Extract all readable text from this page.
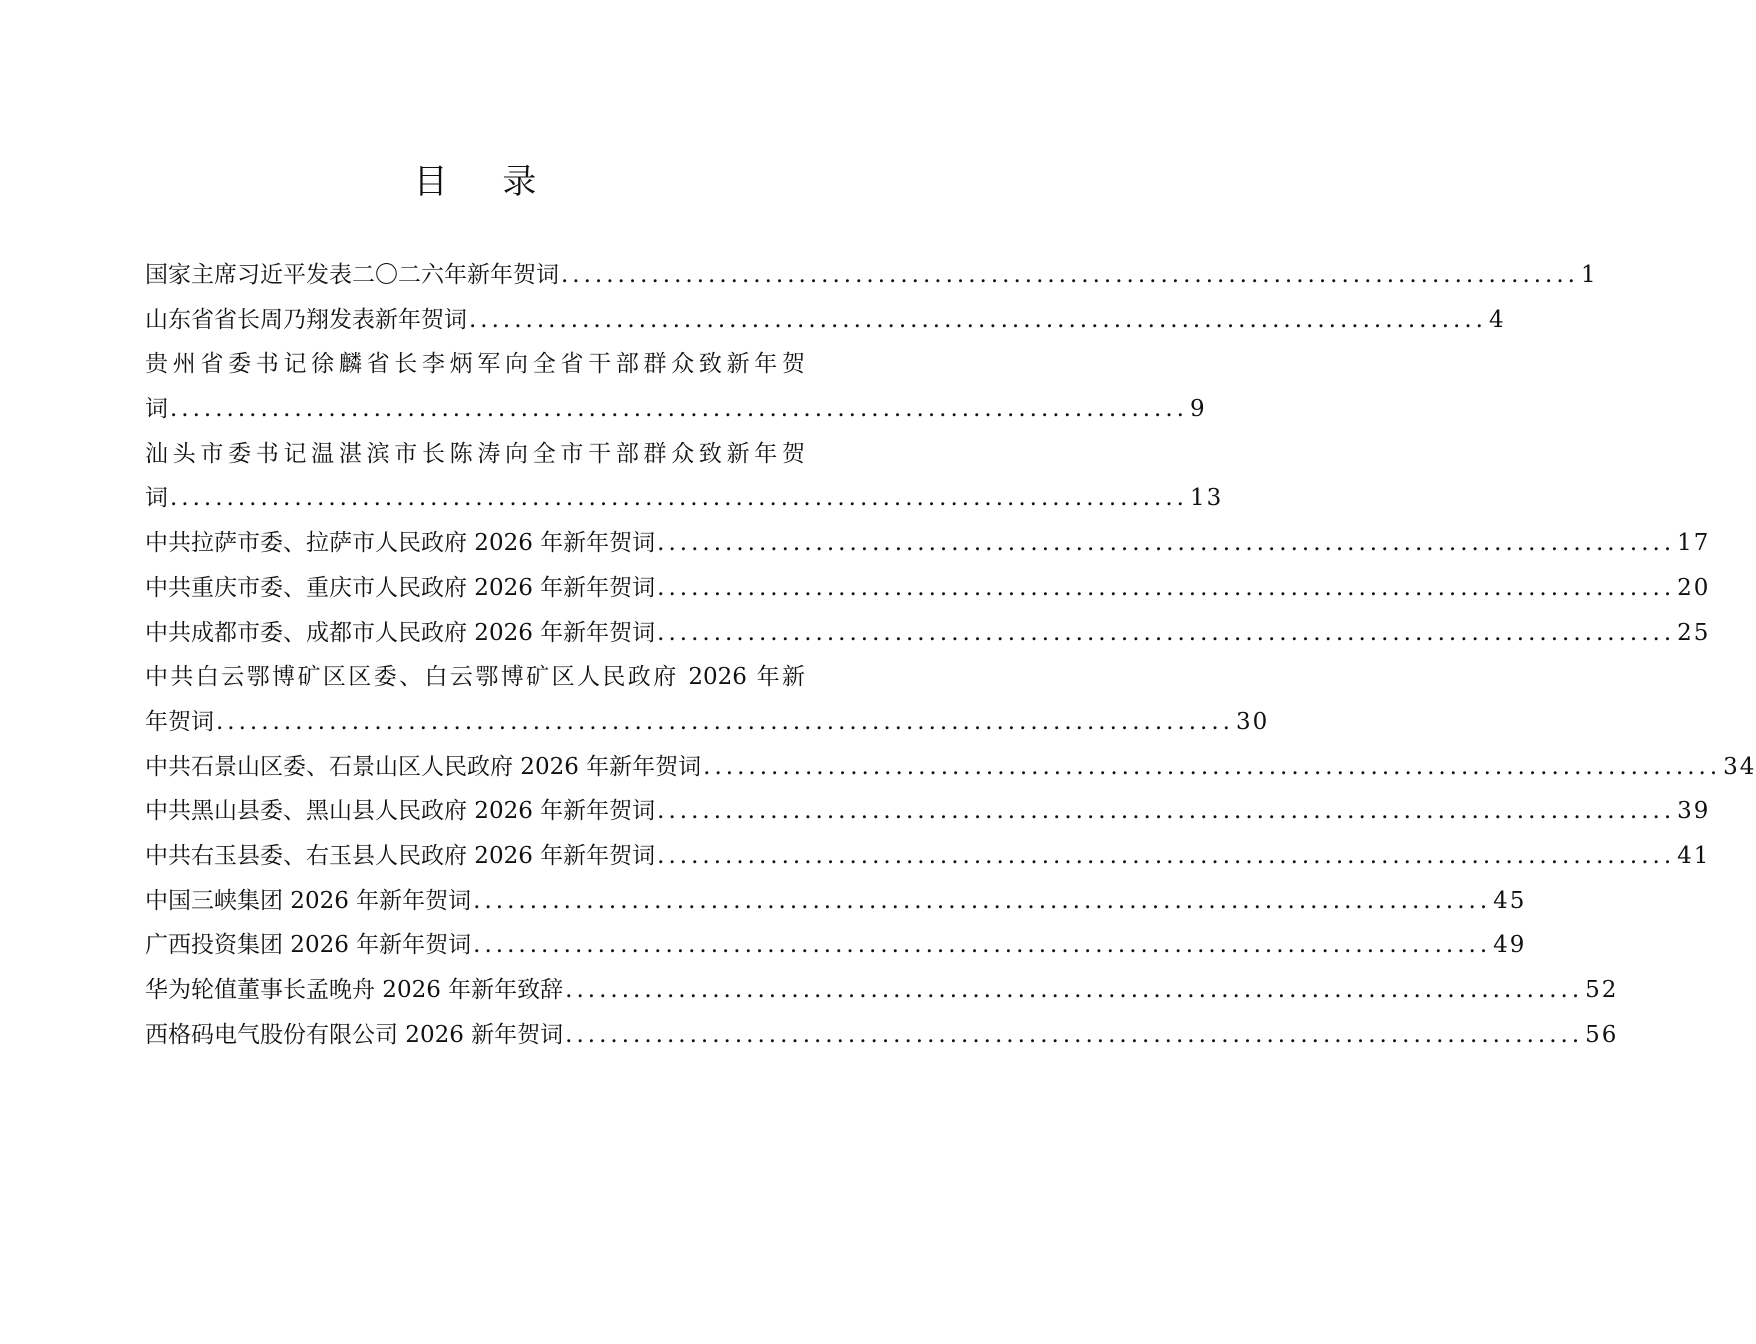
目 录
国家主席习近平发表二〇二六年新年贺词 .......................................................................................... 1
山东省省长周乃翔发表新年贺词 .......................................................................................... 4
贵州省委书记徐麟省长李炳军向全省干部群众致新年贺
词 .......................................................................................... 9
汕头市委书记温湛滨市长陈涛向全市干部群众致新年贺
词 .......................................................................................... 13
中共拉萨市委、拉萨市人民政府 2026 年新年贺词 .......................................................................................... 17
中共重庆市委、重庆市人民政府 2026 年新年贺词 .......................................................................................... 20
中共成都市委、成都市人民政府 2026 年新年贺词 .......................................................................................... 25
中共白云鄂博矿区区委、白云鄂博矿区人民政府 2026 年新
年贺词 .......................................................................................... 30
中共石景山区委、石景山区人民政府 2026 年新年贺词 .......................................................................................... 34
中共黑山县委、黑山县人民政府 2026 年新年贺词 .......................................................................................... 39
中共右玉县委、右玉县人民政府 2026 年新年贺词 .......................................................................................... 41
中国三峡集团 2026 年新年贺词 .......................................................................................... 45
广西投资集团 2026 年新年贺词 .......................................................................................... 49
华为轮值董事长孟晚舟 2026 年新年致辞 .......................................................................................... 52
西格码电气股份有限公司 2026 新年贺词 .......................................................................................... 56
